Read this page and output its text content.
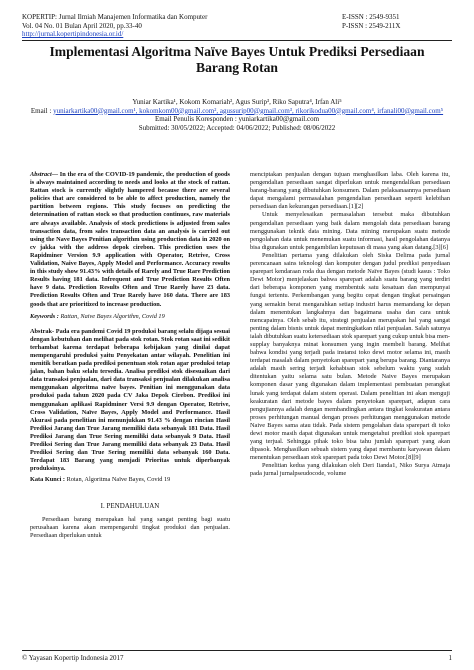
KOPERTIP: Jurnal Ilmiah Manajemen Informatika dan Komputer
Vol. 04 No. 01 Bulan April 2020, pp.33-40
http://jurnal.kopertipindonesia.or.id/
E-ISSN : 2549-9351
P-ISSN : 2549-211X
Implementasi Algoritma Naïve Bayes Untuk Prediksi Persediaan Barang Rotan
Yuniar Kartika¹, Kokom Komariah², Agus Surip³, Riko Saputra⁴, Irfan Ali⁵
Email : yuniarkartika00@gmail.com¹, kokomkom00@gmail.com², agussurip00@gmail.com³, rikorikodua00@gmail.com⁴, irfanali00@gmail.com⁵
Email Penulis Koresponden : yuniarkartika00@gmail.com
Submitted: 30/05/2022; Accepted: 04/06/2022; Published: 08/06/2022
Abstract— In the era of the COVID-19 pandemic, the production of goods is always maintained according to needs and looks at the stock of rattan. Rattan stock is currently slightly hampered because there are several policies that are considered to be able to affect production, namely the partition between regions. This study focuses on predicting the determination of rattan stock so that production continues, raw materials are always available. Analysis of stock predictions is adjusted from sales transaction data, from sales transaction data an analysis is carried out using the Nave Bayes Penitian algorithm using production data in 2020 on cv jakka with the address depok cirebon. This prediction uses the Rapidminer Version 9.9 application with Operator, Retrive, Cross Validation, Naive Bayes, Apply Model and Performance. Accuracy results in this study show 91.43% with details of Rarely and True Rare Prediction Results having 181 data. Infrequent and True Prediction Results Often have 9 data. Prediction Results Often and True Rarely have 23 data. Prediction Results Often and True Rarely have 160 data. There are 183 goods that are prioritized to increase production.
Keywords : Rattan, Naive Bayes Algorithm, Covid 19
Abstrak- Pada era pandemi Covid 19 produksi barang selalu dijaga sesuai dengan kebutuhan dan melihat pada stok rotan. Stok rotan saat ini sedikit terhambat karena terdapat beberapa kebijakan yang dinilai dapat mempengaruhi produksi yaitu Penyekatan antar wilayah. Penelitian ini menitik beratkan pada prediksi penentuan stok rotan agar produksi tetap jalan, bahan baku selalu tersedia. Analisa prediksi stok disesuaikan dari data transaksi penjualan, dari data transaksi penjualan dilakukan analisa menggunakan algoritma naïve bayes. Penitian ini menggunakan data produksi pada tahun 2020 pada CV Jaka Depok Cirebon. Prediksi ini menggunakan aplikasi Rapidminer Versi 9.9 dengan Operator, Retrive, Cross Validation, Naïve Bayes, Apply Model and Performance. Hasil Akurasi pada penelitian ini menunjukkan 91.43 % dengan rincian Hasil Prediksi Jarang dan True Jarang memiliki data sebanyak 181 Data. Hasil Prediksi Jarang dan True Sering memiliki data sebanyak 9 Data. Hasil Prediksi Sering dan True Jarang memiliki data sebanyak 23 Data. Hasil Prediksi Sering dan True Sering memiliki data sebanyak 160 Data. Terdapat 183 Barang yang menjadi Prioritas untuk diperbanyak produksinya.
Kata Kunci : Rotan, Algoritma Naïve Bayes, Covid 19
I. PENDAHULUAN

Persediaan barang merupakan hal yang sangat penting bagi suatu perusahaan karena akan mempengaruhi tingkat produksi dan penjualan. Persediaan diperlukan untuk

menciptakan penjualan dengan tujuan menghasilkan laba. Oleh karena itu, pengendalian persediaan sangat diperlukan untuk mengendalikan persediaan barang-barang yang dibutuhkan konsumen. Dalam pelaksanaannya persediaan dapat mengalami permasalahan pengendalian persediaan seperti kelebihan persediaan dan kekurangan persediaan.[1][2]

Untuk menyelesaikan permasalahan tersebut maka dibutuhkan pengendalian persediaan yang baik dalam mengolah data persediaan barang menggunakan teknik data mining. Data mining merupakan suatu metode pengolahan data untuk menemukan suatu informasi, hasil pengolahan datanya bisa digunakan untuk pengambilan keputusan di masa yang akan datang.[3][6]

Penelitian pertama yang dilakukan oleh Siska Delima pada jurnal perencanaan sains teknologi dan komputer dengan judul prediksi penyediaan sparepart kendaraan roda dua dengan metode Naïve Bayes (studi kasus : Toko Dewi Motor) menjelaskan bahwa sparepart adalah suatu barang yang terdiri dari beberapa komponen yang membentuk satu kesatuan dan mempunyai fungsi tertentu. Perkembangan yang begitu cepat dengan tingkat persaingan yang semakin berat mengarahkan setiap industri harus memandang ke depan dalam menentukan langkahnya dan bagaimana usaha dan cara untuk mencapainya. Oleh sebab itu, strategi penjualan merupakan hal yang sangat penting dalam bisnis untuk dapat meningkatkan nilai penjualan. Salah satunya ialah dibutuhkan suatu ketersediaan stok sparepart yang cukup untuk bisa men- supplay banyaknya minat konsumen yang ingin membeli barang. Melihat bahwa kondisi yang terjadi pada instansi toko dewi motor selama ini, masih terdapat masalah dalam penyetokan sparepart yang berupa barang. Diantaranya adalah masih sering terjadi kehabisan stok sebelum waktu yang sudah ditentukan yaitu selama satu bulan. Metode Naive Bayes merupakan komponen dasar yang digunakan dalam implementasi pembuatan perangkat lunak yang terdapat dalam sistem operasi. Dalam penelitian ini akan menguji keakuratan dari metode bayes dalam penyetokan sparepart, adapun cara pengujiannya adalah dengan membandingkan antara tingkat keakuratan antara proses perhitungan manual dengan proses perhitungan menggunakan metode Naive Bayes sama atau tidak. Pada sistem pengolahan data sparepart di toko dewi motor masih dapat digunakan untuk mengetahui prediksi stok sparepart yang terjual. Sehingga pihak toko bisa tahu jumlah sparepart yang akan dipasok. Menghasilkan sebuah sistem yang dapat membantu karyawan dalam menentukan persediaan stok sparepart pada toko Dewi Motor.[8][9]

Penelitian kedua yang dilakukan oleh Deri Iianda1, Niko Surya Atmaja pada jurnal jurnalpseudocode, volume

© Yayasan Kopertip Indonesia 2017	1
